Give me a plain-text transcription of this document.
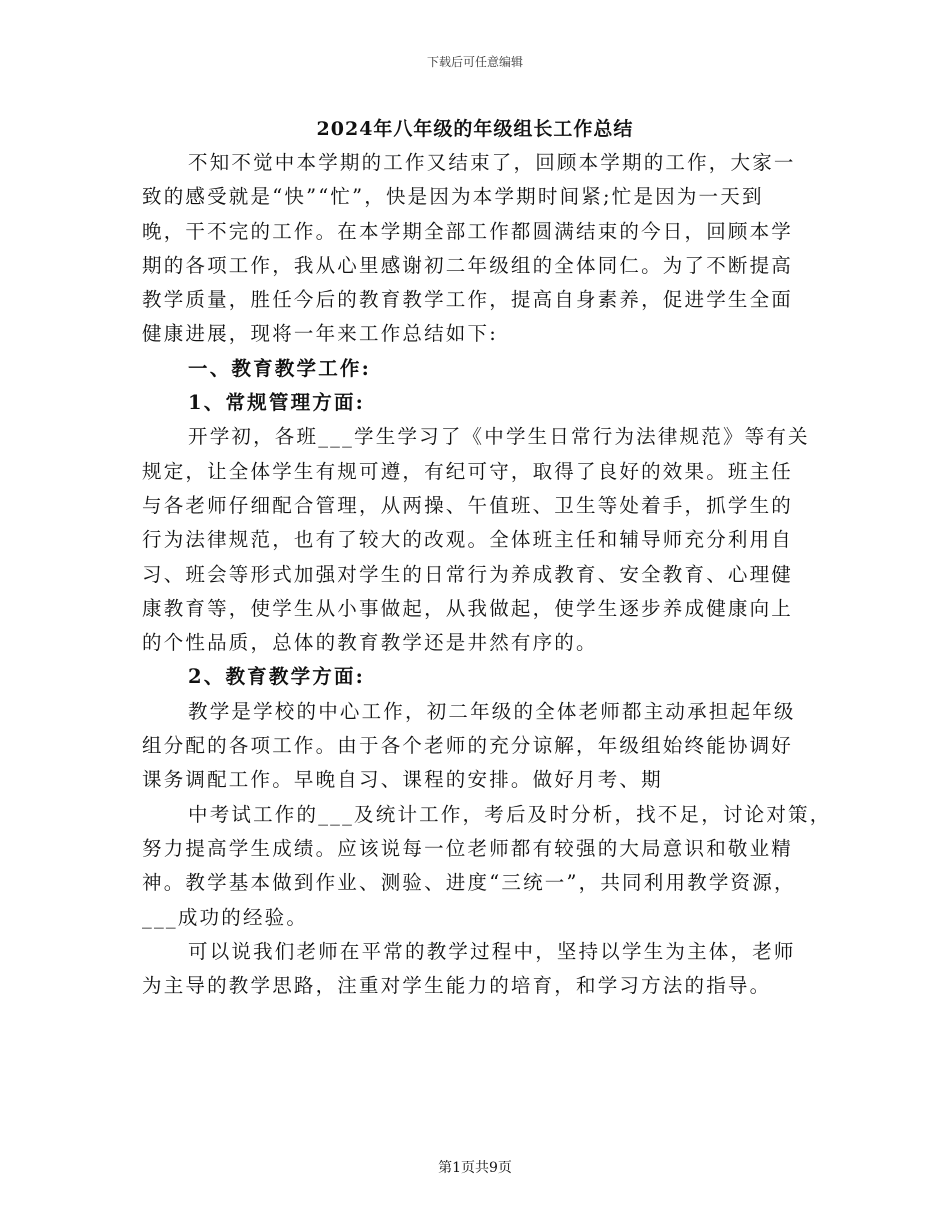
下载后可任意编辑
2024年八年级的年级组长工作总结
不知不觉中本学期的工作又结束了，回顾本学期的工作，大家一
致的感受就是“快”“忙”，快是因为本学期时间紧;忙是因为一天到
晚，干不完的工作。在本学期全部工作都圆满结束的今日，回顾本学
期的各项工作，我从心里感谢初二年级组的全体同仁。为了不断提高
教学质量，胜任今后的教育教学工作，提高自身素养，促进学生全面
健康进展，现将一年来工作总结如下:
一、教育教学工作:
1、常规管理方面:
开学初，各班___学生学习了《中学生日常行为法律规范》等有关
规定，让全体学生有规可遵，有纪可守，取得了良好的效果。班主任
与各老师仔细配合管理，从两操、午值班、卫生等处着手，抓学生的
行为法律规范，也有了较大的改观。全体班主任和辅导师充分利用自
习、班会等形式加强对学生的日常行为养成教育、安全教育、心理健
康教育等，使学生从小事做起，从我做起，使学生逐步养成健康向上
的个性品质，总体的教育教学还是井然有序的。
2、教育教学方面:
教学是学校的中心工作，初二年级的全体老师都主动承担起年级
组分配的各项工作。由于各个老师的充分谅解，年级组始终能协调好
课务调配工作。早晚自习、课程的安排。做好月考、期
中考试工作的___及统计工作，考后及时分析，找不足，讨论对策，
努力提高学生成绩。应该说每一位老师都有较强的大局意识和敬业精
神。教学基本做到作业、测验、进度“三统一”，共同利用教学资源，
___成功的经验。
可以说我们老师在平常的教学过程中，坚持以学生为主体，老师
为主导的教学思路，注重对学生能力的培育，和学习方法的指导。
第1页共9页
